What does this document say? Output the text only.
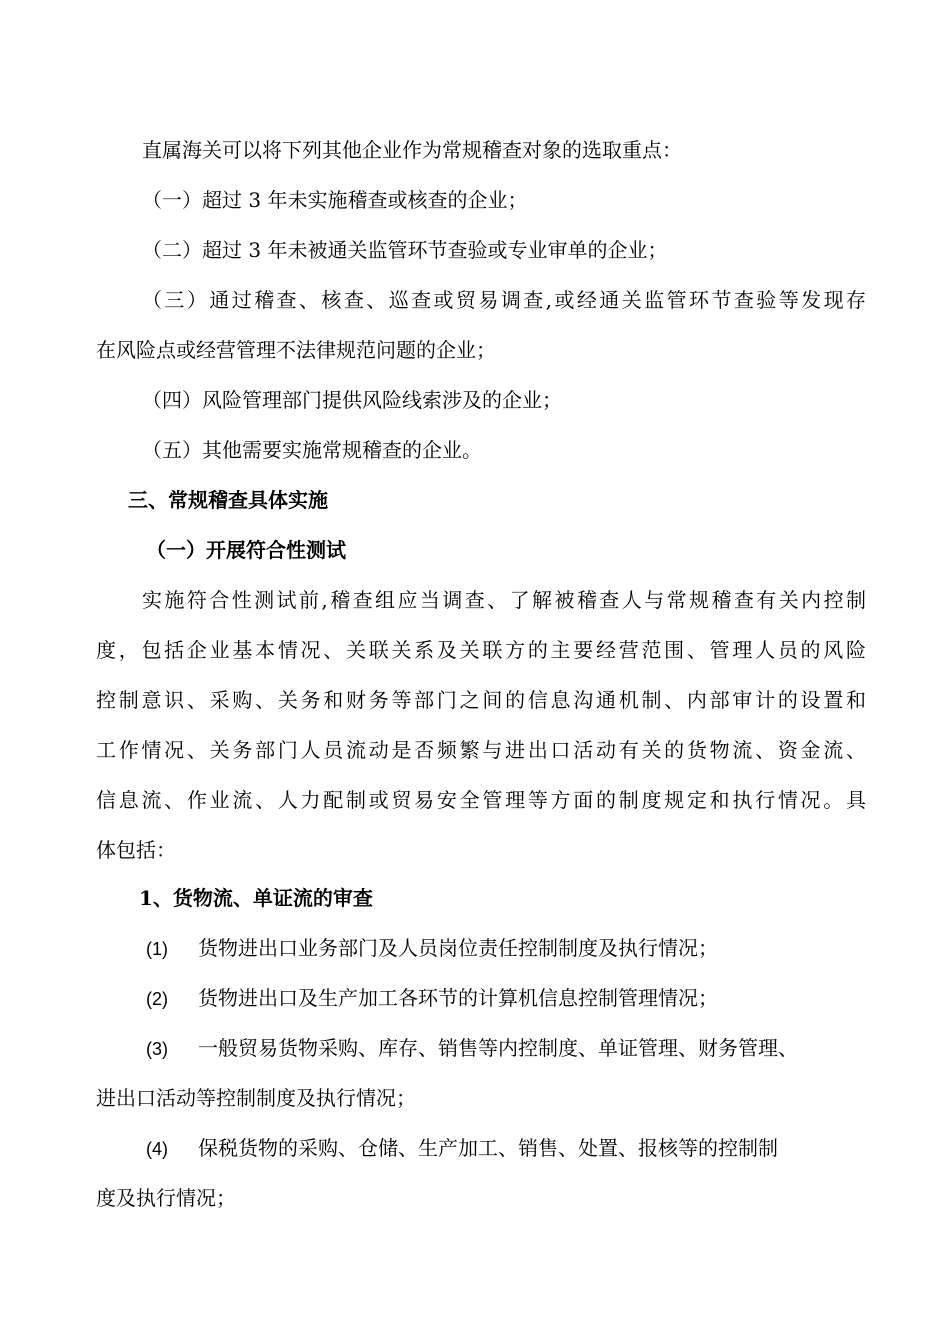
直属海关可以将下列其他企业作为常规稽查对象的选取重点：
（一）超过 3 年未实施稽查或核查的企业；
（二）超过 3 年未被通关监管环节查验或专业审单的企业；
（三）通过稽查、核查、巡查或贸易调查,或经通关监管环节查验等发现存
在风险点或经营管理不法律规范问题的企业；
（四）风险管理部门提供风险线索涉及的企业；
（五）其他需要实施常规稽查的企业。
三、常规稽查具体实施
（一）开展符合性测试
实施符合性测试前,稽查组应当调查、了解被稽查人与常规稽查有关内控制
度，包括企业基本情况、关联关系及关联方的主要经营范围、管理人员的风险
控制意识、采购、关务和财务等部门之间的信息沟通机制、内部审计的设置和
工作情况、关务部门人员流动是否频繁与进出口活动有关的货物流、资金流、
信息流、作业流、人力配制或贸易安全管理等方面的制度规定和执行情况。具
体包括：
1、货物流、单证流的审查
(1) 货物进出口业务部门及人员岗位责任控制制度及执行情况；
(2) 货物进出口及生产加工各环节的计算机信息控制管理情况；
(3) 一般贸易货物采购、库存、销售等内控制度、单证管理、财务管理、
进出口活动等控制制度及执行情况；
(4) 保税货物的采购、仓储、生产加工、销售、处置、报核等的控制制
度及执行情况；
